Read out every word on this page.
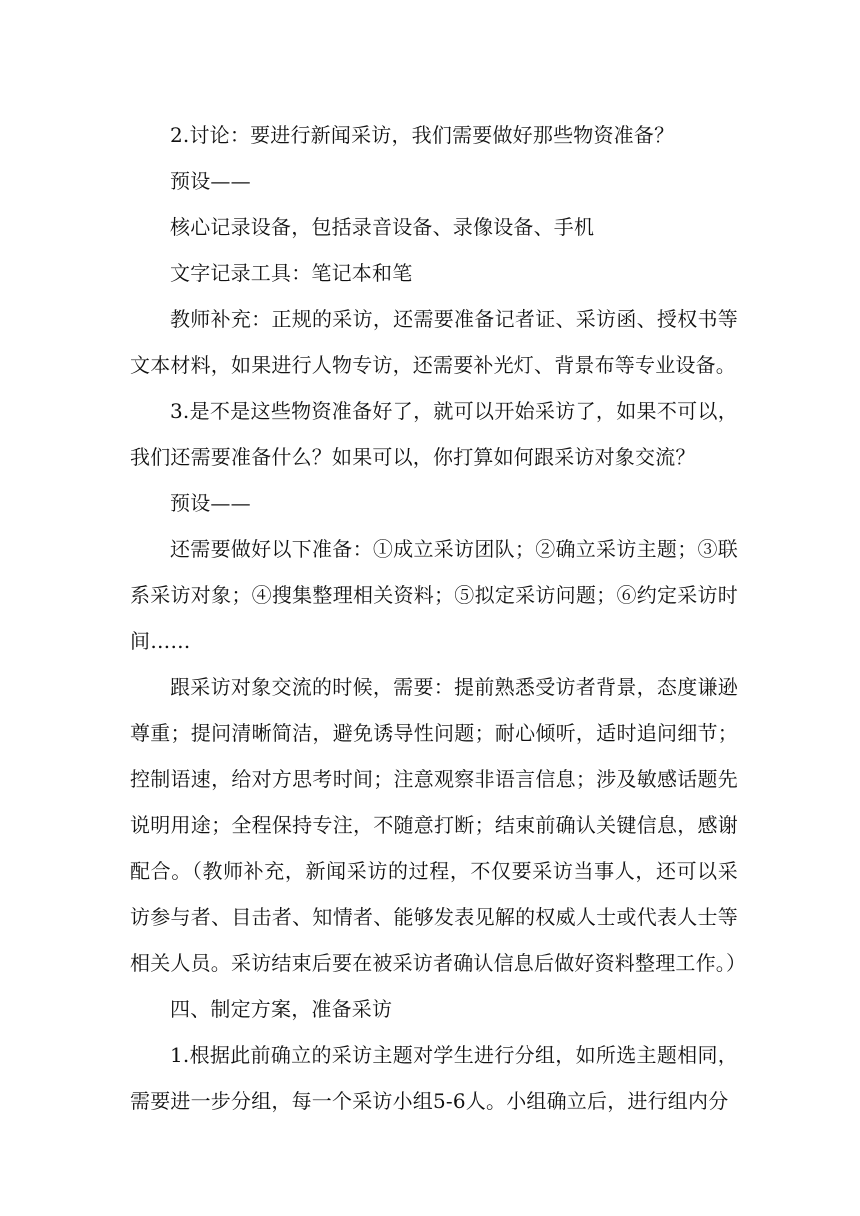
2.讨论：要进行新闻采访，我们需要做好那些物资准备？

预设——

核心记录设备，包括录音设备、录像设备、手机

文字记录工具：笔记本和笔

教师补充：正规的采访，还需要准备记者证、采访函、授权书等文本材料，如果进行人物专访，还需要补光灯、背景布等专业设备。

3.是不是这些物资准备好了，就可以开始采访了，如果不可以，我们还需要准备什么？如果可以，你打算如何跟采访对象交流？

预设——

还需要做好以下准备：①成立采访团队；②确立采访主题；③联系采访对象；④搜集整理相关资料；⑤拟定采访问题；⑥约定采访时间……

跟采访对象交流的时候，需要：提前熟悉受访者背景，态度谦逊尊重；提问清晰简洁，避免诱导性问题；耐心倾听，适时追问细节；控制语速，给对方思考时间；注意观察非语言信息；涉及敏感话题先说明用途；全程保持专注，不随意打断；结束前确认关键信息，感谢配合。（教师补充，新闻采访的过程，不仅要采访当事人，还可以采访参与者、目击者、知情者、能够发表见解的权威人士或代表人士等相关人员。采访结束后要在被采访者确认信息后做好资料整理工作。）

四、制定方案，准备采访

1.根据此前确立的采访主题对学生进行分组，如所选主题相同，需要进一步分组，每一个采访小组5-6人。小组确立后，进行组内分
